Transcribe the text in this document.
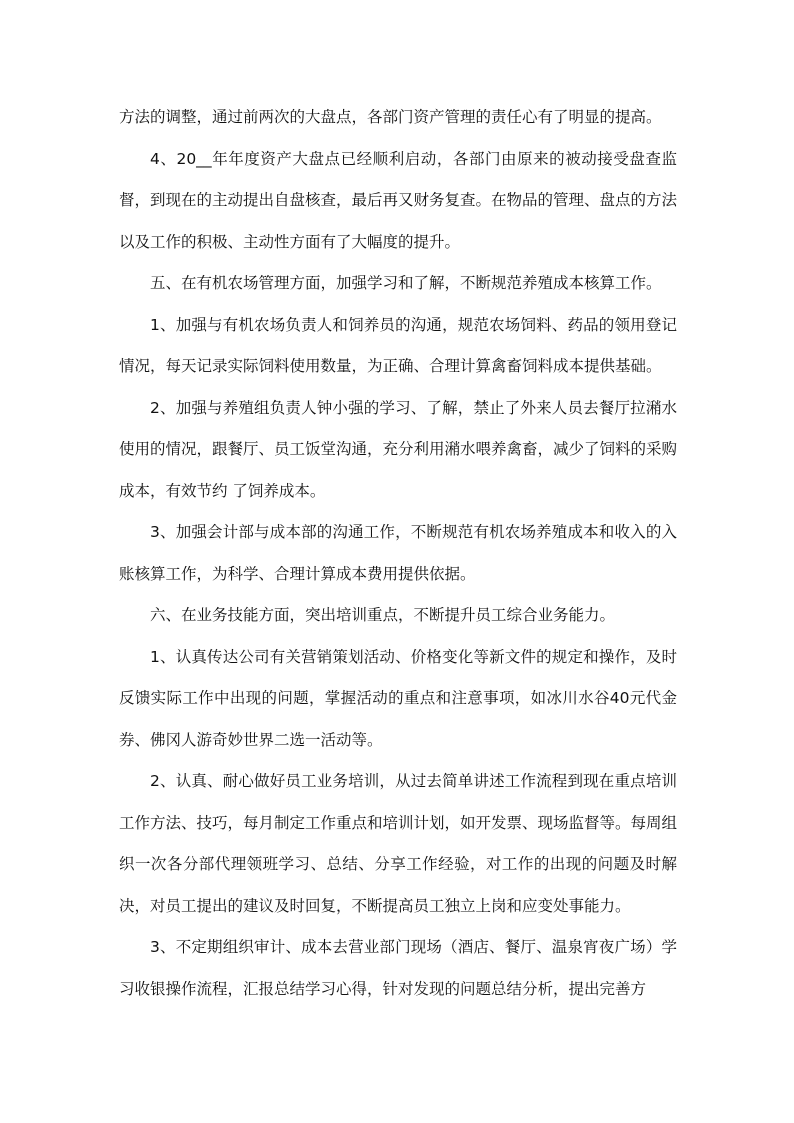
方法的调整，通过前两次的大盘点，各部门资产管理的责任心有了明显的提高。

4、20__年年度资产大盘点已经顺利启动，各部门由原来的被动接受盘查监督，到现在的主动提出自盘核查，最后再又财务复查。在物品的管理、盘点的方法以及工作的积极、主动性方面有了大幅度的提升。

五、在有机农场管理方面，加强学习和了解，不断规范养殖成本核算工作。

1、加强与有机农场负责人和饲养员的沟通，规范农场饲料、药品的领用登记情况，每天记录实际饲料使用数量，为正确、合理计算禽畜饲料成本提供基础。

2、加强与养殖组负责人钟小强的学习、了解，禁止了外来人员去餐厅拉潲水使用的情况，跟餐厅、员工饭堂沟通，充分利用潲水喂养禽畜，减少了饲料的采购成本，有效节约 了饲养成本。

3、加强会计部与成本部的沟通工作，不断规范有机农场养殖成本和收入的入账核算工作，为科学、合理计算成本费用提供依据。

六、在业务技能方面，突出培训重点，不断提升员工综合业务能力。

1、认真传达公司有关营销策划活动、价格变化等新文件的规定和操作，及时反馈实际工作中出现的问题，掌握活动的重点和注意事项，如冰川水谷40元代金券、佛冈人游奇妙世界二选一活动等。

2、认真、耐心做好员工业务培训，从过去简单讲述工作流程到现在重点培训工作方法、技巧，每月制定工作重点和培训计划，如开发票、现场监督等。每周组织一次各分部代理领班学习、总结、分享工作经验，对工作的出现的问题及时解决，对员工提出的建议及时回复，不断提高员工独立上岗和应变处事能力。

3、不定期组织审计、成本去营业部门现场（酒店、餐厅、温泉宵夜广场）学习收银操作流程，汇报总结学习心得，针对发现的问题总结分析，提出完善方
